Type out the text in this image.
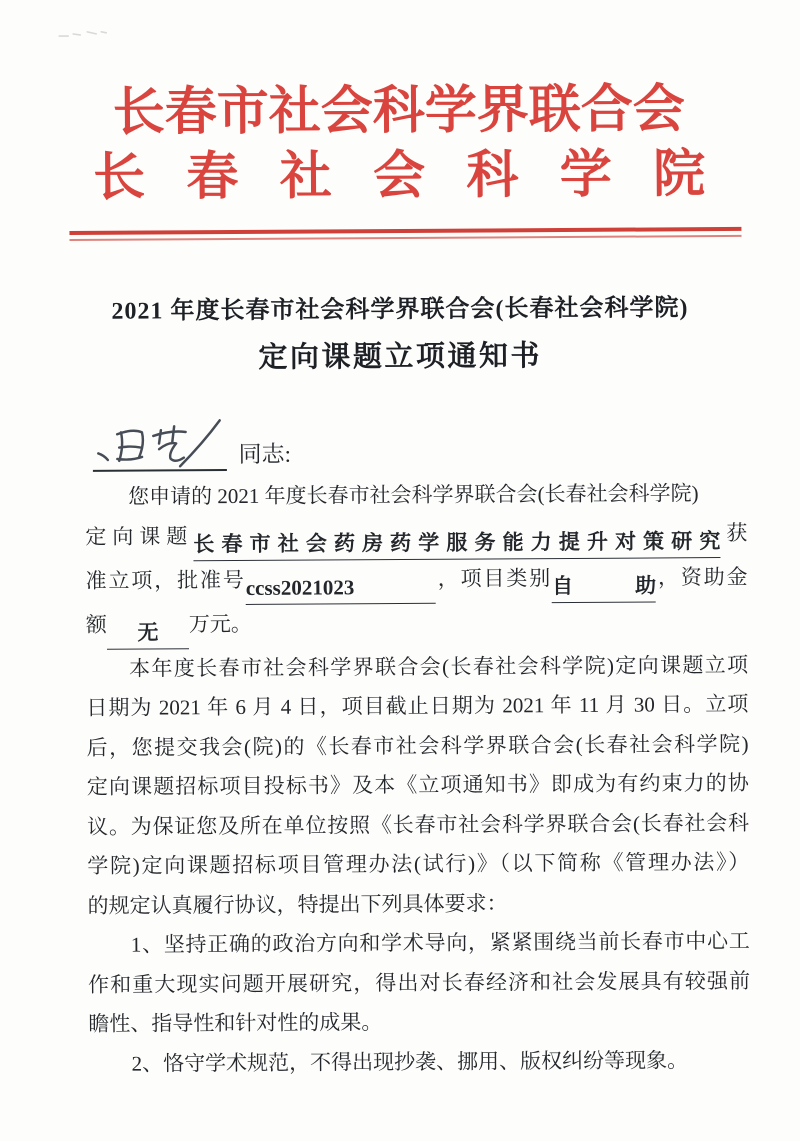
长春市社会科学界联合会
长春社会科学院
2021 年度长春市社会科学界联合会(长春社会科学院)
定向课题立项通知书
同志:
您申请的 2021 年度长春市社会科学界联合会(长春社会科学院)
定向课题长春市社会药房药学服务能力提升对策研究获
准立项，批准号ccss2021023	，项目类别自助，资助金
额 无 万元。
本年度长春市社会科学界联合会(长春社会科学院)定向课题立项
日期为 2021 年 6 月 4 日，项目截止日期为 2021 年 11 月 30 日。立项
后，您提交我会(院)的《长春市社会科学界联合会(长春社会科学院)
定向课题招标项目投标书》及本《立项通知书》即成为有约束力的协
议。为保证您及所在单位按照《长春市社会科学界联合会(长春社会科
学院)定向课题招标项目管理办法(试行)》（以下简称《管理办法》）
的规定认真履行协议，特提出下列具体要求：
1、坚持正确的政治方向和学术导向，紧紧围绕当前长春市中心工
作和重大现实问题开展研究，得出对长春经济和社会发展具有较强前
瞻性、指导性和针对性的成果。
2、恪守学术规范，不得出现抄袭、挪用、版权纠纷等现象。
